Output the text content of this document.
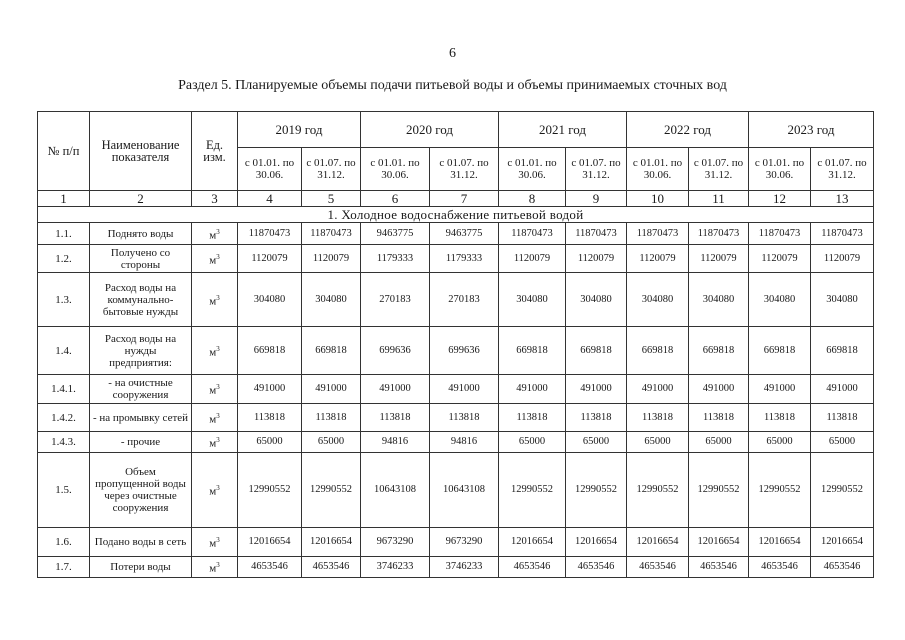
6
Раздел 5. Планируемые объемы подачи питьевой воды и объемы принимаемых сточных вод
№ п/п	Наименование показателя	Ед. изм.	2019 год		2020 год		2021 год		2022 год		2023 год	
			с 01.01. по 30.06.	с 01.07. по 31.12.	с 01.01. по 30.06.	с 01.07. по 31.12.	с 01.01. по 30.06.	с 01.07. по 31.12.	с 01.01. по 30.06.	с 01.07. по 31.12.	с 01.01. по 30.06.	с 01.07. по 31.12.
1	2	3	4	5	6	7	8	9	10	11	12	13
1. Холодное водоснабжение питьевой водой												
1.1.	Поднято воды	$м^3$	11870473	11870473	9463775	9463775	11870473	11870473	11870473	11870473	11870473	11870473
1.2.	Получено со стороны	$м^3$	1120079	1120079	1179333	1179333	1120079	1120079	1120079	1120079	1120079	1120079
1.3.	Расход воды на коммунально-бытовые нужды	$м^3$	304080	304080	270183	270183	304080	304080	304080	304080	304080	304080
1.4.	Расход воды на нужды предприятия:	$м^3$	669818	669818	699636	699636	669818	669818	669818	669818	669818	669818
1.4.1.	- на очистные сооружения	$м^3$	491000	491000	491000	491000	491000	491000	491000	491000	491000	491000
1.4.2.	- на промывку сетей	$м^3$	113818	113818	113818	113818	113818	113818	113818	113818	113818	113818
1.4.3.	- прочие	$м^3$	65000	65000	94816	94816	65000	65000	65000	65000	65000	65000
1.5.	Объем пропущенной воды через очистные сооружения	$м^3$	12990552	12990552	10643108	10643108	12990552	12990552	12990552	12990552	12990552	12990552
1.6.	Подано воды в сеть	$м^3$	12016654	12016654	9673290	9673290	12016654	12016654	12016654	12016654	12016654	12016654
1.7.	Потери воды	$м^3$	4653546	4653546	3746233	3746233	4653546	4653546	4653546	4653546	4653546	4653546
